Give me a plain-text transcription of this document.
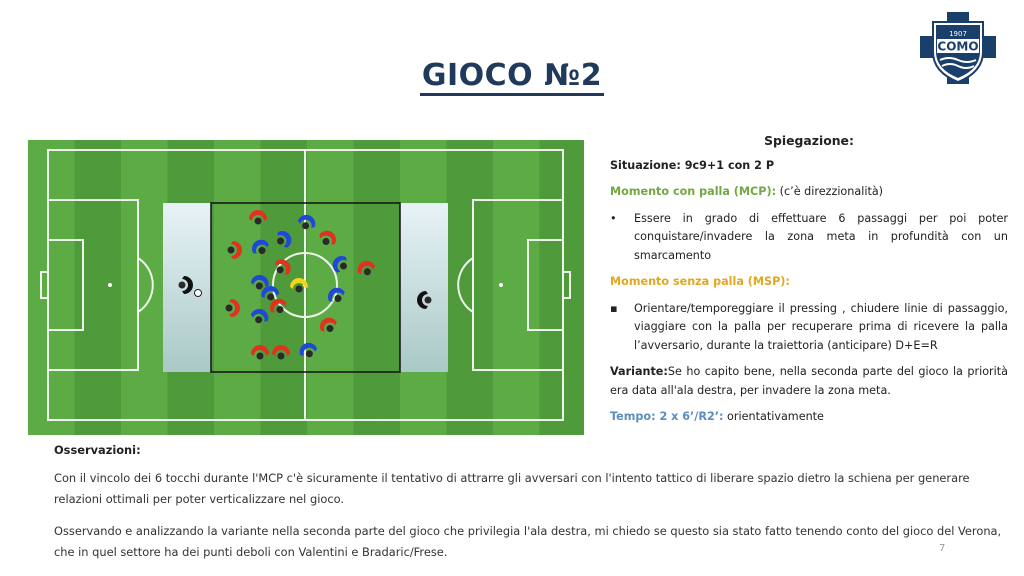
GIOCO №2
1907
COMO
Spiegazione:
Situazione: 9c9+1 con 2 P
Momento con palla (MCP): (c’è direzzionalità)
•	Essere in grado di effettuare 6 passaggi per poi poter conquistare/invadere la zona meta in profundità con un smarcamento
Momento senza palla (MSP):
▪	Orientare/temporeggiare il pressing , chiudere linie di passaggio, viaggiare con la palla per recuperare prima di ricevere la palla l’avversario, durante la traiettoria (anticipare) D+E=R
Variante:Se ho capito bene, nella seconda parte del gioco la priorità era data all'ala destra, per invadere la zona meta.
Tempo: 2 x 6’/R2’: orientativamente
Osservazioni:
Con il vincolo dei 6 tocchi durante l'MCP c'è sicuramente il tentativo di attrarre gli avversari con l'intento tattico di liberare spazio dietro la schiena per generare relazioni ottimali per poter verticalizzare nel gioco.
Osservando e analizzando la variante nella seconda parte del gioco che privilegia l'ala destra, mi chiedo se questo sia stato fatto tenendo conto del gioco del Verona, che in quel settore ha dei punti deboli con Valentini e Bradaric/Frese.	7
